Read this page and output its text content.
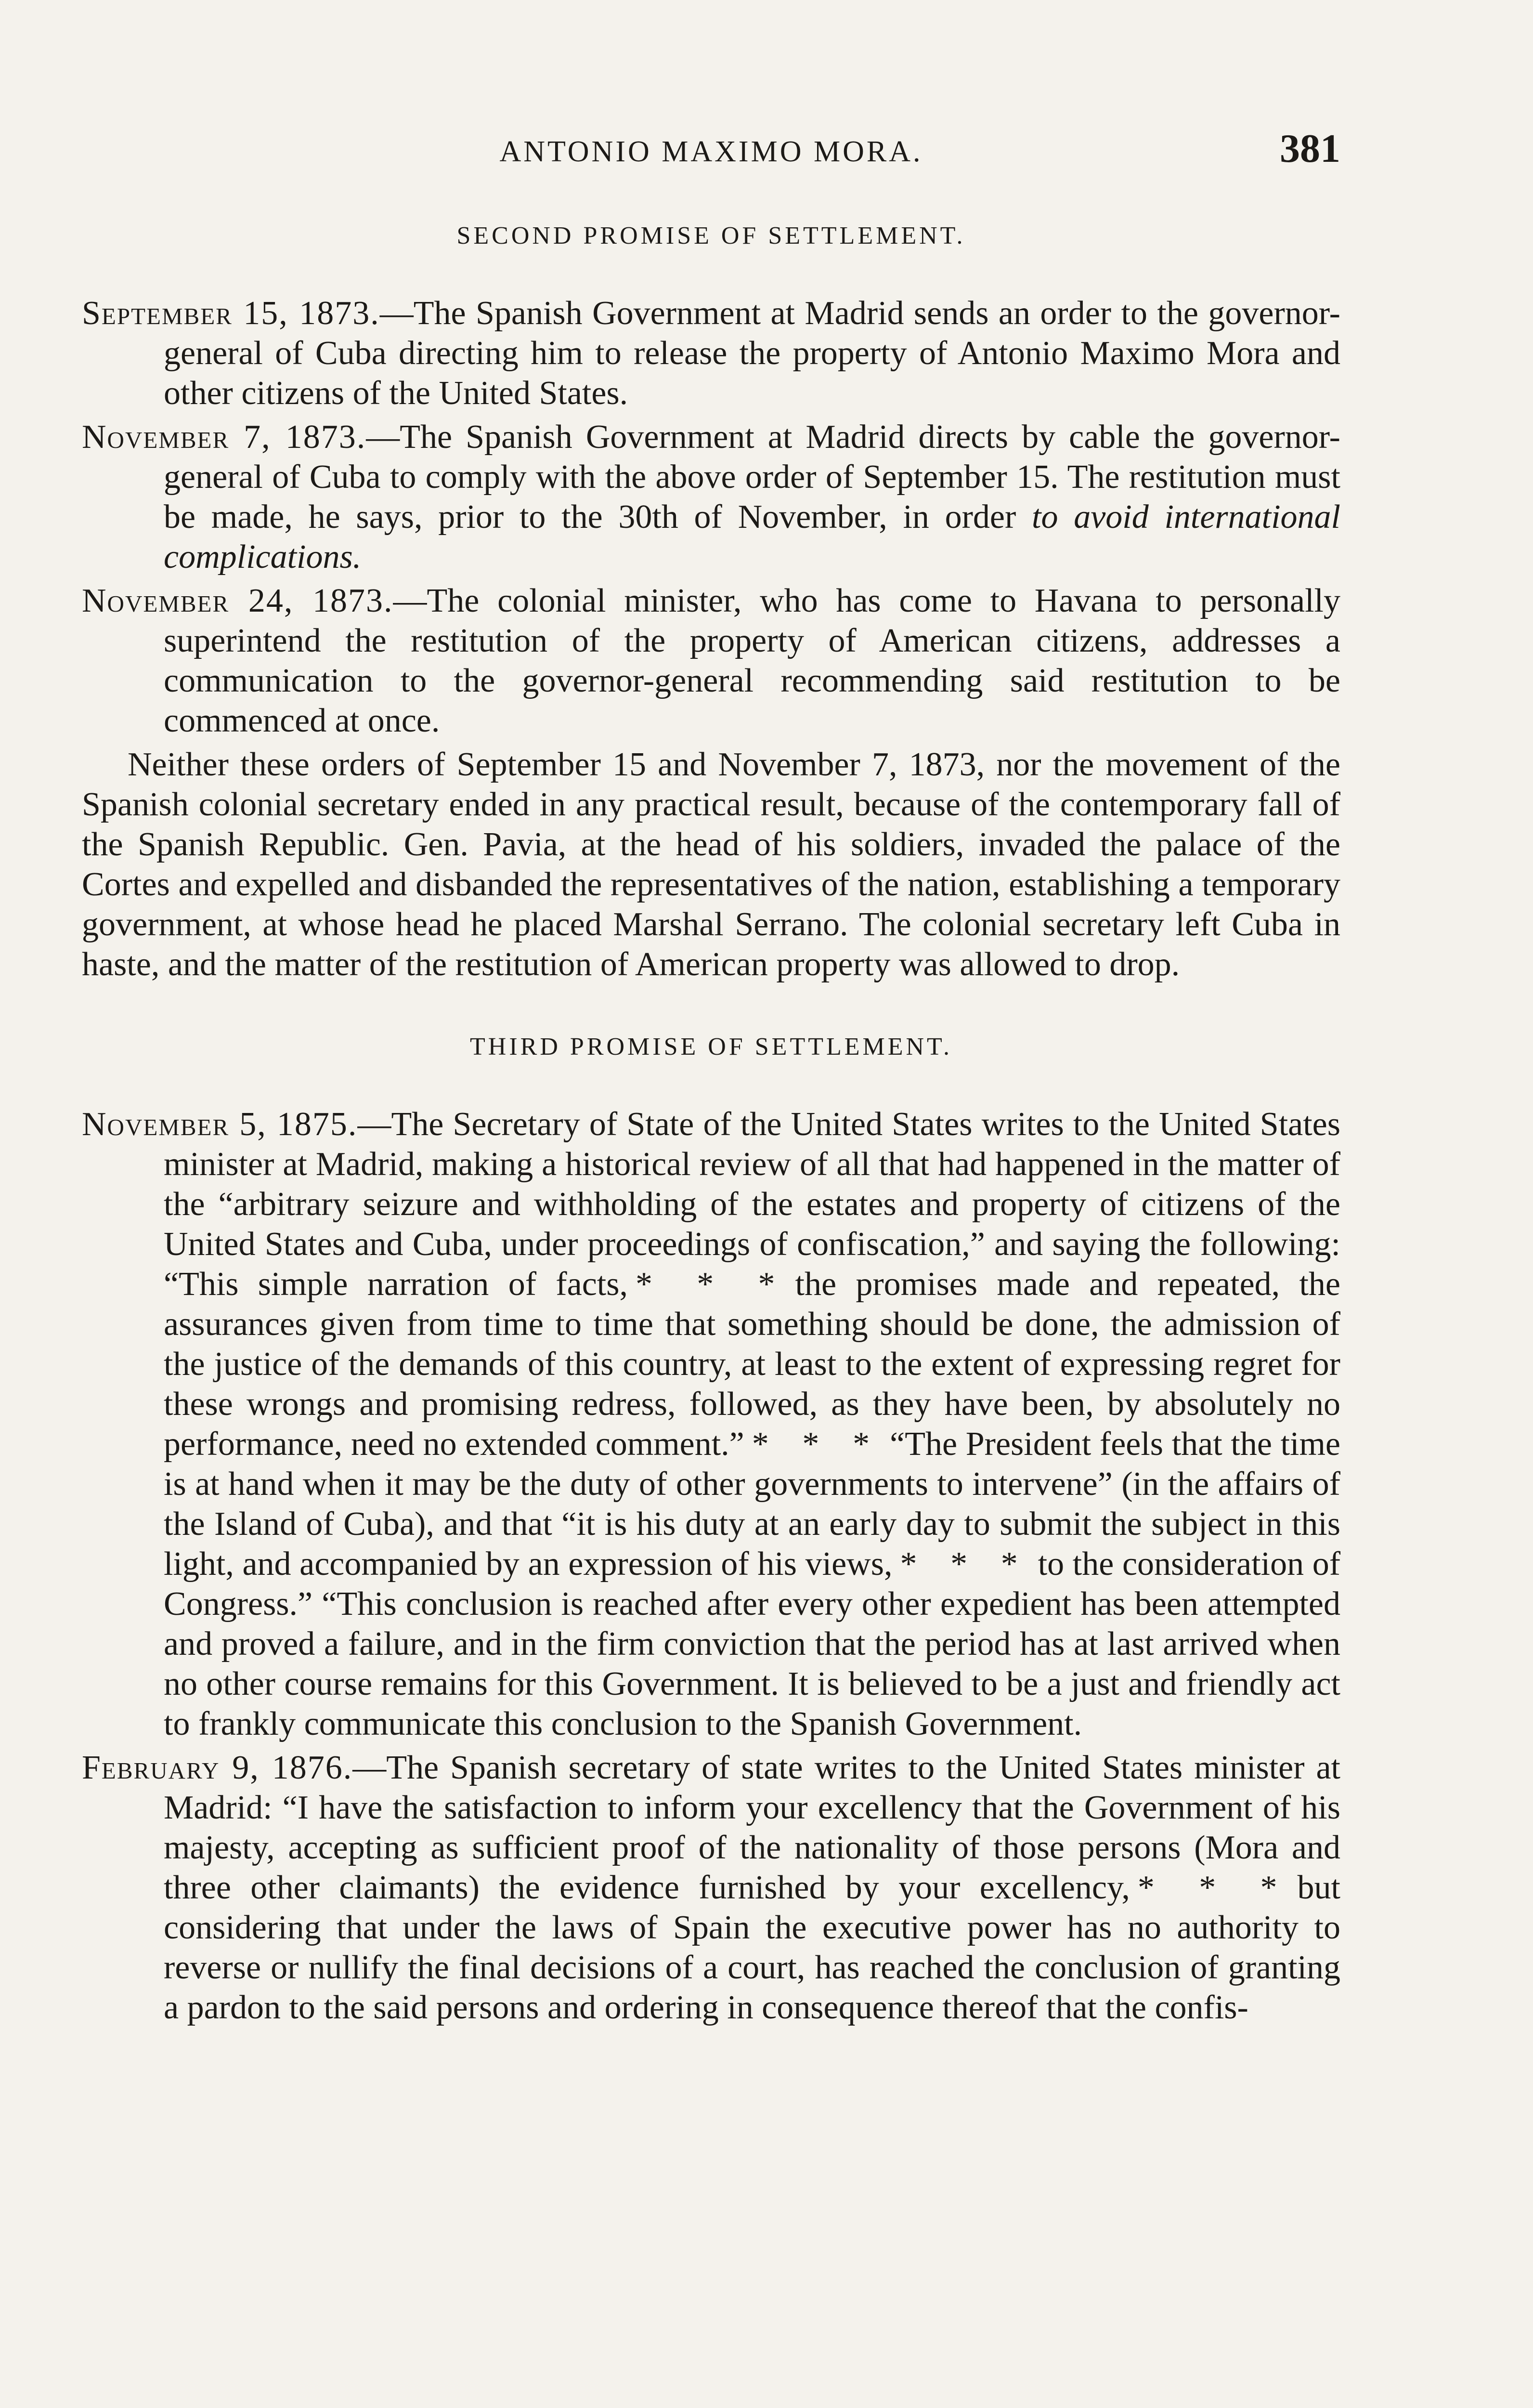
ANTONIO MAXIMO MORA.	381
SECOND PROMISE OF SETTLEMENT.

September 15, 1873.—The Spanish Government at Madrid sends an order to the governor-general of Cuba directing him to release the property of Antonio Maximo Mora and other citizens of the United States.

November 7, 1873.—The Spanish Government at Madrid directs by cable the governor-general of Cuba to comply with the above order of September 15. The restitution must be made, he says, prior to the 30th of November, in order to avoid international complications.

November 24, 1873.—The colonial minister, who has come to Havana to personally superintend the restitution of the property of American citizens, addresses a communication to the governor-general recommending said restitution to be commenced at once.

Neither these orders of September 15 and November 7, 1873, nor the movement of the Spanish colonial secretary ended in any practical result, because of the contemporary fall of the Spanish Republic. Gen. Pavia, at the head of his soldiers, invaded the palace of the Cortes and expelled and disbanded the representatives of the nation, establishing a temporary government, at whose head he placed Marshal Serrano. The colonial secretary left Cuba in haste, and the matter of the restitution of American property was allowed to drop.

THIRD PROMISE OF SETTLEMENT.

November 5, 1875.—The Secretary of State of the United States writes to the United States minister at Madrid, making a historical review of all that had happened in the matter of the “arbitrary seizure and withholding of the estates and property of citizens of the United States and Cuba, under proceedings of confiscation,” and saying the following: “This simple narration of facts, * * * the promises made and repeated, the assurances given from time to time that something should be done, the admission of the justice of the demands of this country, at least to the extent of expressing regret for these wrongs and promising redress, followed, as they have been, by absolutely no performance, need no extended comment.” * * * “The President feels that the time is at hand when it may be the duty of other governments to intervene” (in the affairs of the Island of Cuba), and that “it is his duty at an early day to submit the subject in this light, and accompanied by an expression of his views, * * * to the consideration of Congress.” “This conclusion is reached after every other expedient has been attempted and proved a failure, and in the firm conviction that the period has at last arrived when no other course remains for this Government. It is believed to be a just and friendly act to frankly communicate this conclusion to the Spanish Government.

February 9, 1876.—The Spanish secretary of state writes to the United States minister at Madrid: “I have the satisfaction to inform your excellency that the Government of his majesty, accepting as sufficient proof of the nationality of those persons (Mora and three other claimants) the evidence furnished by your excellency, * * * but considering that under the laws of Spain the executive power has no authority to reverse or nullify the final decisions of a court, has reached the conclusion of granting a pardon to the said persons and ordering in consequence thereof that the confis-
